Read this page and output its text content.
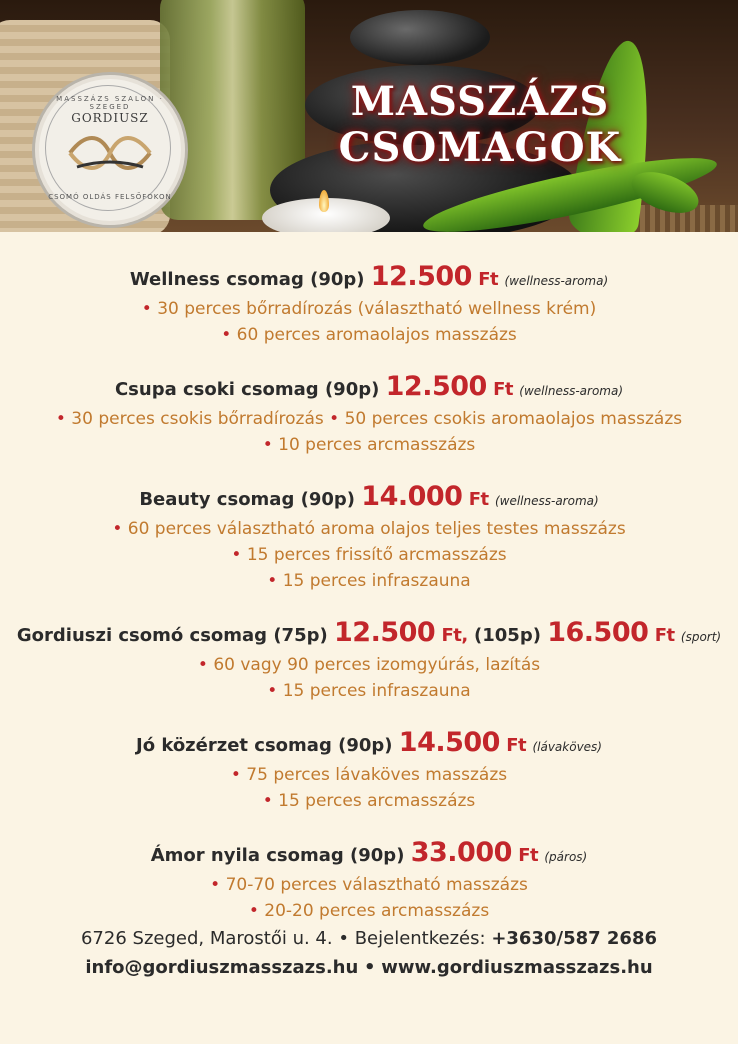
MASSZÁZS
CSOMAGOK
MASSZÁZS SZALON · SZEGED
GORDIUSZ
CSOMÓ OLDÁS FELSŐFOKON
Wellness csomag (90p) 12.500 Ft (wellness-aroma)
• 30 perces bőrradírozás (választható wellness krém)
• 60 perces aromaolajos masszázs
Csupa csoki csomag (90p) 12.500 Ft (wellness-aroma)
• 30 perces csokis bőrradírozás • 50 perces csokis aromaolajos masszázs
• 10 perces arcmasszázs
Beauty csomag (90p) 14.000 Ft (wellness-aroma)
• 60 perces választható aroma olajos teljes testes masszázs
• 15 perces frissítő arcmasszázs
• 15 perces infraszauna
Gordiuszi csomó csomag (75p) 12.500 Ft, (105p) 16.500 Ft (sport)
• 60 vagy 90 perces izomgyúrás, lazítás
• 15 perces infraszauna
Jó közérzet csomag (90p) 14.500 Ft (lávaköves)
• 75 perces lávaköves masszázs
• 15 perces arcmasszázs
Ámor nyila csomag (90p) 33.000 Ft (páros)
• 70-70 perces választható masszázs
• 20-20 perces arcmasszázs
6726 Szeged, Marostői u. 4. • Bejelentkezés: +3630/587 2686
info@gordiuszmasszazs.hu • www.gordiuszmasszazs.hu
